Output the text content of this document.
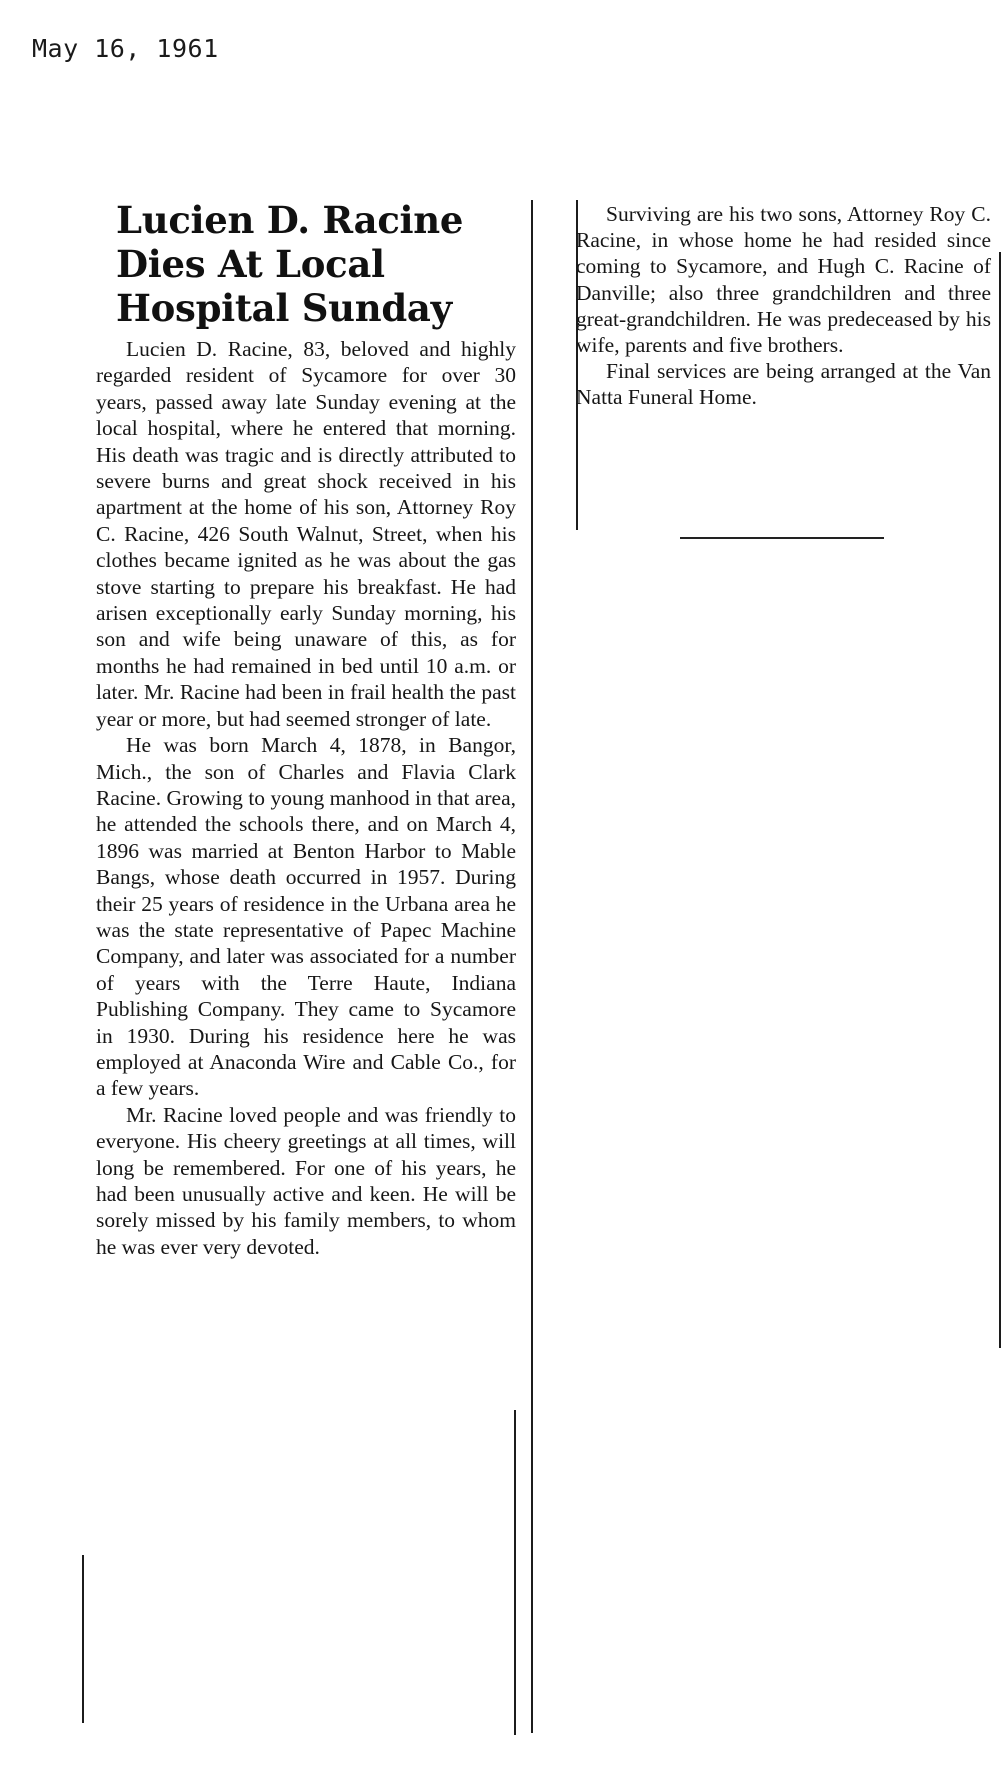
May 16, 1961
Lucien D. Racine
Dies At Local
Hospital Sunday

Lucien D. Racine, 83, beloved and highly regarded resident of Sycamore for over 30 years, passed away late Sunday evening at the local hospital, where he entered that morning. His death was tragic and is directly attributed to severe burns and great shock received in his apartment at the home of his son, Attorney Roy C. Racine, 426 South Walnut, Street, when his clothes became ignited as he was about the gas stove starting to prepare his breakfast. He had arisen exceptionally early Sunday morning, his son and wife being unaware of this, as for months he had remained in bed until 10 a.m. or later. Mr. Racine had been in frail health the past year or more, but had seemed stronger of late.

He was born March 4, 1878, in Bangor, Mich., the son of Charles and Flavia Clark Racine. Growing to young manhood in that area, he attended the schools there, and on March 4, 1896 was married at Benton Harbor to Mable Bangs, whose death occurred in 1957. During their 25 years of residence in the Urbana area he was the state representative of Papec Machine Company, and later was associated for a number of years with the Terre Haute, Indiana Publishing Company. They came to Sycamore in 1930. During his residence here he was employed at Anaconda Wire and Cable Co., for a few years.

Mr. Racine loved people and was friendly to everyone. His cheery greetings at all times, will long be remembered. For one of his years, he had been unusually active and keen. He will be sorely missed by his family members, to whom he was ever very devoted.

Surviving are his two sons, Attorney Roy C. Racine, in whose home he had resided since coming to Sycamore, and Hugh C. Racine of Danville; also three grandchildren and three great-grandchildren. He was predeceased by his wife, parents and five brothers.

Final services are being arranged at the Van Natta Funeral Home.
